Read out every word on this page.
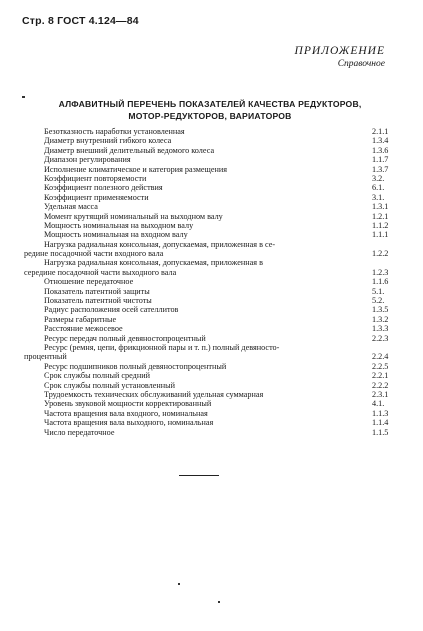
Стр. 8 ГОСТ 4.124—84
ПРИЛОЖЕНИЕ
Справочное
АЛФАВИТНЫЙ ПЕРЕЧЕНЬ ПОКАЗАТЕЛЕЙ КАЧЕСТВА РЕДУКТОРОВ,
МОТОР-РЕДУКТОРОВ, ВАРИАТОРОВ
Безотказность наработки установленная	2.1.1
Диаметр внутренний гибкого колеса	1.3.4
Диаметр внешний делительный ведомого колеса	1.3.6
Диапазон регулирования	1.1.7
Исполнение климатическое и категория размещения	1.3.7
Коэффициент повторяемости	3.2.
Коэффициент полезного действия	6.1.
Коэффициент применяемости	3.1.
Удельная масса	1.3.1
Момент крутящий номинальный на выходном валу	1.2.1
Мощность номинальная на выходном валу	1.1.2
Мощность номинальная на входном валу	1.1.1
Нагрузка радиальная консольная, допускаемая, приложенная в се-
редине посадочной части входного вала	1.2.2
Нагрузка радиальная консольная, допускаемая, приложенная в
середине посадочной части выходного вала	1.2.3
Отношение передаточное	1.1.6
Показатель патентной защиты	5.1.
Показатель патентной чистоты	5.2.
Радиус расположения осей сателлитов	1.3.5
Размеры габаритные	1.3.2
Расстояние межосевое	1.3.3
Ресурс передач полный девяностопроцентный	2.2.3
Ресурс (ремня, цепи, фрикционной пары и т. п.) полный девяносто-
процентный	2.2.4
Ресурс подшипников полный девяностопроцентный	2.2.5
Срок службы полный средний	2.2.1
Срок службы полный установленный	2.2.2
Трудоемкость технических обслуживаний удельная суммарная	2.3.1
Уровень звуковой мощности корректированный	4.1.
Частота вращения вала входного, номинальная	1.1.3
Частота вращения вала выходного, номинальная	1.1.4
Число передаточное	1.1.5
